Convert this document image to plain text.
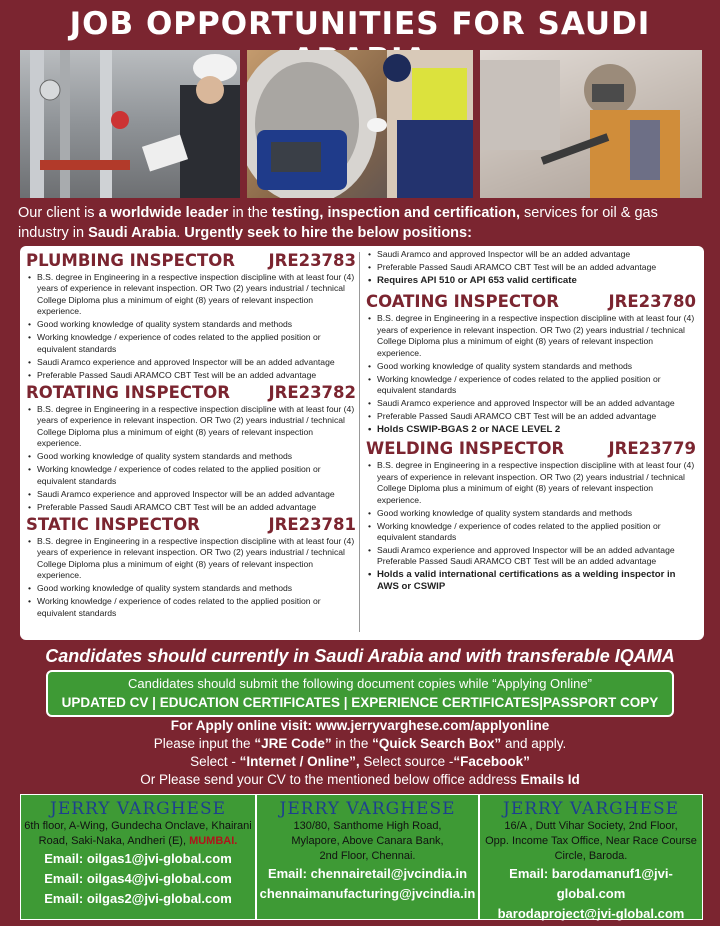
JOB OPPORTUNITIES FOR SAUDI
Our client is a worldwide leader in the testing, inspection and certification, services for oil & gas industry in Saudi Arabia. Urgently seek to hire the below positions:
PLUMBING INSPECTOR JRE23783
• B.S. degree in Engineering in a respective inspection discipline with at least four (4) years of experience in relevant inspection. OR Two (2) years industrial / technical College Diploma plus a minimum of eight (8) years of relevant inspection experience.
• Good working knowledge of quality system standards and methods
• Working knowledge / experience of codes related to the applied position or equivalent standards
• Saudi Aramco experience and approved Inspector will be an added advantage
• Preferable Passed Saudi ARAMCO CBT Test will be an added advantage
ROTATING INSPECTOR JRE23782
• B.S. degree in Engineering in a respective inspection discipline with at least four (4) years of experience in relevant inspection. OR Two (2) years industrial / technical College Diploma plus a minimum of eight (8) years of relevant inspection experience.
• Good working knowledge of quality system standards and methods
• Working knowledge / experience of codes related to the applied position or equivalent standards
• Saudi Aramco experience and approved Inspector will be an added advantage
• Preferable Passed Saudi ARAMCO CBT Test will be an added advantage
STATIC INSPECTOR	JRE23781
• B.S. degree in Engineering in a respective inspection discipline with at least four (4) years of experience in relevant inspection. OR Two (2) years industrial / technical College Diploma plus a minimum of eight (8) years of relevant inspection experience.
• Good working knowledge of quality system standards and methods
• Working knowledge / experience of codes related to the applied position or equivalent standards
• Saudi Aramco and approved Inspector will be an added advantage
• Preferable Passed Saudi ARAMCO CBT Test will be an added advantage
• Requires API 510 or API 653 valid certificate
COATING INSPECTOR	JRE23780
• B.S. degree in Engineering in a respective inspection discipline with at least four (4) years of experience in relevant inspection. OR Two (2) years industrial / technical College Diploma plus a minimum of eight (8) years of relevant inspection experience.
• Good working knowledge of quality system standards and methods
• Working knowledge / experience of codes related to the applied position or equivalent standards
• Saudi Aramco experience and approved Inspector will be an added advantage
• Preferable Passed Saudi ARAMCO CBT Test will be an added advantage
• Holds CSWIP-BGAS 2 or NACE LEVEL 2
WELDING INSPECTOR	JRE23779
• B.S. degree in Engineering in a respective inspection discipline with at least four (4) years of experience in relevant inspection. OR Two (2) years industrial / technical College Diploma plus a minimum of eight (8) years of relevant inspection experience.
• Good working knowledge of quality system standards and methods
• Working knowledge / experience of codes related to the applied position or equivalent standards
• Saudi Aramco experience and approved Inspector will be an added advantage Preferable Passed Saudi ARAMCO CBT Test will be an added advantage
• Holds a valid international certifications as a welding inspector in AWS or CSWIP
Candidates should currently in Saudi Arabia and with transferable IQAMA
Candidates should submit the following document copies while “Applying Online”
UPDATED CV | EDUCATION CERTIFICATES | EXPERIENCE CERTIFICATES|PASSPORT COPY
For Apply online visit: www.jerryvarghese.com/applyonline
Please input the “JRE Code” in the “Quick Search Box” and apply.
Select - “Internet / Online”, Select source -“Facebook”
Or Please send your CV to the mentioned below office address Emails Id
JERRY VARGHESE
6th floor, A-Wing, Gundecha Onclave, Khairani
Road, Saki-Naka, Andheri (E), MUMBAI.
Email: oilgas1@jvi-global.com
Email: oilgas4@jvi-global.com
Email: oilgas2@jvi-global.com
JERRY VARGHESE
130/80, Santhome High Road,
Mylapore, Above Canara Bank,
2nd Floor, Chennai.
Email: chennairetail@jvcindia.in
chennaimanufacturing@jvcindia.in
JERRY VARGHESE
16/A , Dutt Vihar Society, 2nd Floor,
Opp. Income Tax Office, Near Race Course
Circle, Baroda.
Email: barodamanuf1@jvi-global.com
barodaproject@jvi-global.com
